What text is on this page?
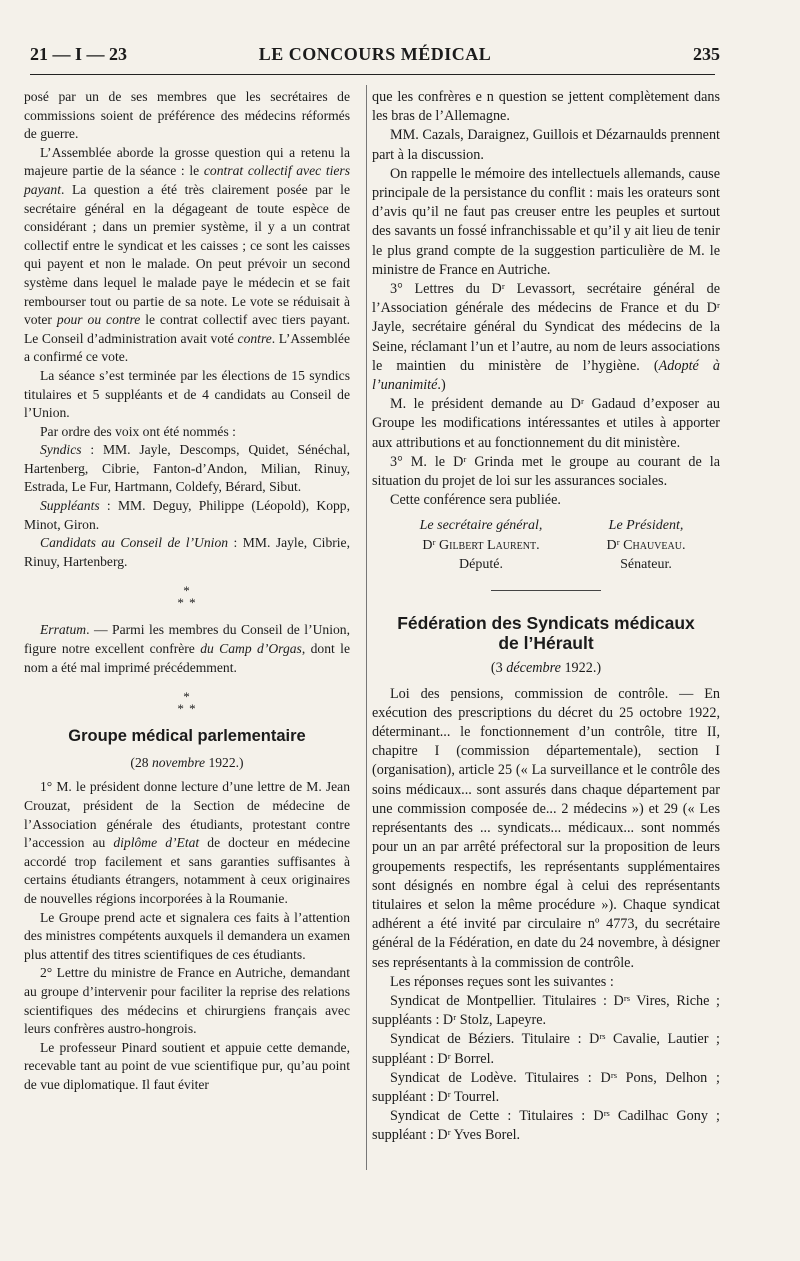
21 — I — 23	LE CONCOURS MÉDICAL	235

posé par un de ses membres que les secrétaires de commissions soient de préférence des médecins réformés de guerre.

L’Assemblée aborde la grosse question qui a retenu la majeure partie de la séance : le contrat collectif avec tiers payant. La question a été très clairement posée par le secrétaire général en la dégageant de toute espèce de considérant ; dans un premier système, il y a un contrat collectif entre le syndicat et les caisses ; ce sont les caisses qui payent et non le malade. On peut prévoir un second système dans lequel le malade paye le médecin et se fait rembourser tout ou partie de sa note. Le vote se réduisait à voter pour ou contre le contrat collectif avec tiers payant. Le Conseil d’administration avait voté contre. L’Assemblée a confirmé ce vote.

La séance s’est terminée par les élections de 15 syndics titulaires et 5 suppléants et de 4 candidats au Conseil de l’Union.

Par ordre des voix ont été nommés :

Syndics : MM. Jayle, Descomps, Quidet, Sénéchal, Hartenberg, Cibrie, Fanton-d’Andon, Milian, Rinuy, Estrada, Le Fur, Hartmann, Coldefy, Bérard, Sibut.

Suppléants : MM. Deguy, Philippe (Léopold), Kopp, Minot, Giron.

Candidats au Conseil de l’Union : MM. Jayle, Cibrie, Rinuy, Hartenberg.

*
* *

Erratum. — Parmi les membres du Conseil de l’Union, figure notre excellent confrère du Camp d’Orgas, dont le nom a été mal imprimé précédemment.

*
* *
Groupe médical parlementaire

(28 novembre 1922.)

1° M. le président donne lecture d’une lettre de M. Jean Crouzat, président de la Section de médecine de l’Association générale des étudiants, protestant contre l’accession au diplôme d’Etat de docteur en médecine accordé trop facilement et sans garanties suffisantes à certains étudiants étrangers, notamment à ceux originaires de nouvelles régions incorporées à la Roumanie.

Le Groupe prend acte et signalera ces faits à l’attention des ministres compétents auxquels il demandera un examen plus attentif des titres scientifiques de ces étudiants.

2° Lettre du ministre de France en Autriche, demandant au groupe d’intervenir pour faciliter la reprise des relations scientifiques des médecins et chirurgiens français avec leurs confrères austro-hongrois.

Le professeur Pinard soutient et appuie cette demande, recevable tant au point de vue scientifique pur, qu’au point de vue diplomatique. Il faut éviter

que les confrères e n question se jettent complètement dans les bras de l’Allemagne.

MM. Cazals, Daraignez, Guillois et Dézarnaulds prennent part à la discussion.

On rappelle le mémoire des intellectuels allemands, cause principale de la persistance du conflit : mais les orateurs sont d’avis qu’il ne faut pas creuser entre les peuples et surtout des savants un fossé infranchissable et qu’il y ait lieu de tenir le plus grand compte de la suggestion particulière de M. le ministre de France en Autriche.

3° Lettres du Dʳ Levassort, secrétaire général de l’Association générale des médecins de France et du Dʳ Jayle, secrétaire général du Syndicat des médecins de la Seine, réclamant l’un et l’autre, au nom de leurs associations le maintien du ministère de l’hygiène. (Adopté à l’unanimité.)

M. le président demande au Dʳ Gadaud d’exposer au Groupe les modifications intéressantes et utiles à apporter aux attributions et au fonctionnement du dit ministère.

3° M. le Dʳ Grinda met le groupe au courant de la situation du projet de loi sur les assurances sociales.

Cette conférence sera publiée.

Le secrétaire général,
Dʳ Gilbert Laurent.
Député.
Le Président,
Dʳ Chauveau.
Sénateur.
Fédération des Syndicats médicaux
de l’Hérault

(3 décembre 1922.)

Loi des pensions, commission de contrôle. — En exécution des prescriptions du décret du 25 octobre 1922, déterminant... le fonctionnement d’un contrôle, titre II, chapitre I (commission départementale), section I (organisation), article 25 (« La surveillance et le contrôle des soins médicaux... sont assurés dans chaque département par une commission composée de... 2 médecins ») et 29 (« Les représentants des ... syndicats... médicaux... sont nommés pour un an par arrêté préfectoral sur la proposition de leurs groupements respectifs, les représentants supplémentaires sont désignés en nombre égal à celui des représentants titulaires et selon la même procédure »). Chaque syndicat adhérent a été invité par circulaire nº 4773, du secrétaire général de la Fédération, en date du 24 novembre, à désigner ses représentants à la commission de contrôle.

Les réponses reçues sont les suivantes :

Syndicat de Montpellier. Titulaires : Dʳˢ Vires, Riche ; suppléants : Dʳ Stolz, Lapeyre.

Syndicat de Béziers. Titulaire : Dʳˢ Cavalie, Lautier ; suppléant : Dʳ Borrel.

Syndicat de Lodève. Titulaires : Dʳˢ Pons, Delhon ; suppléant : Dʳ Tourrel.

Syndicat de Cette : Titulaires : Dʳˢ Cadilhac Gony ; suppléant : Dʳ Yves Borel.
